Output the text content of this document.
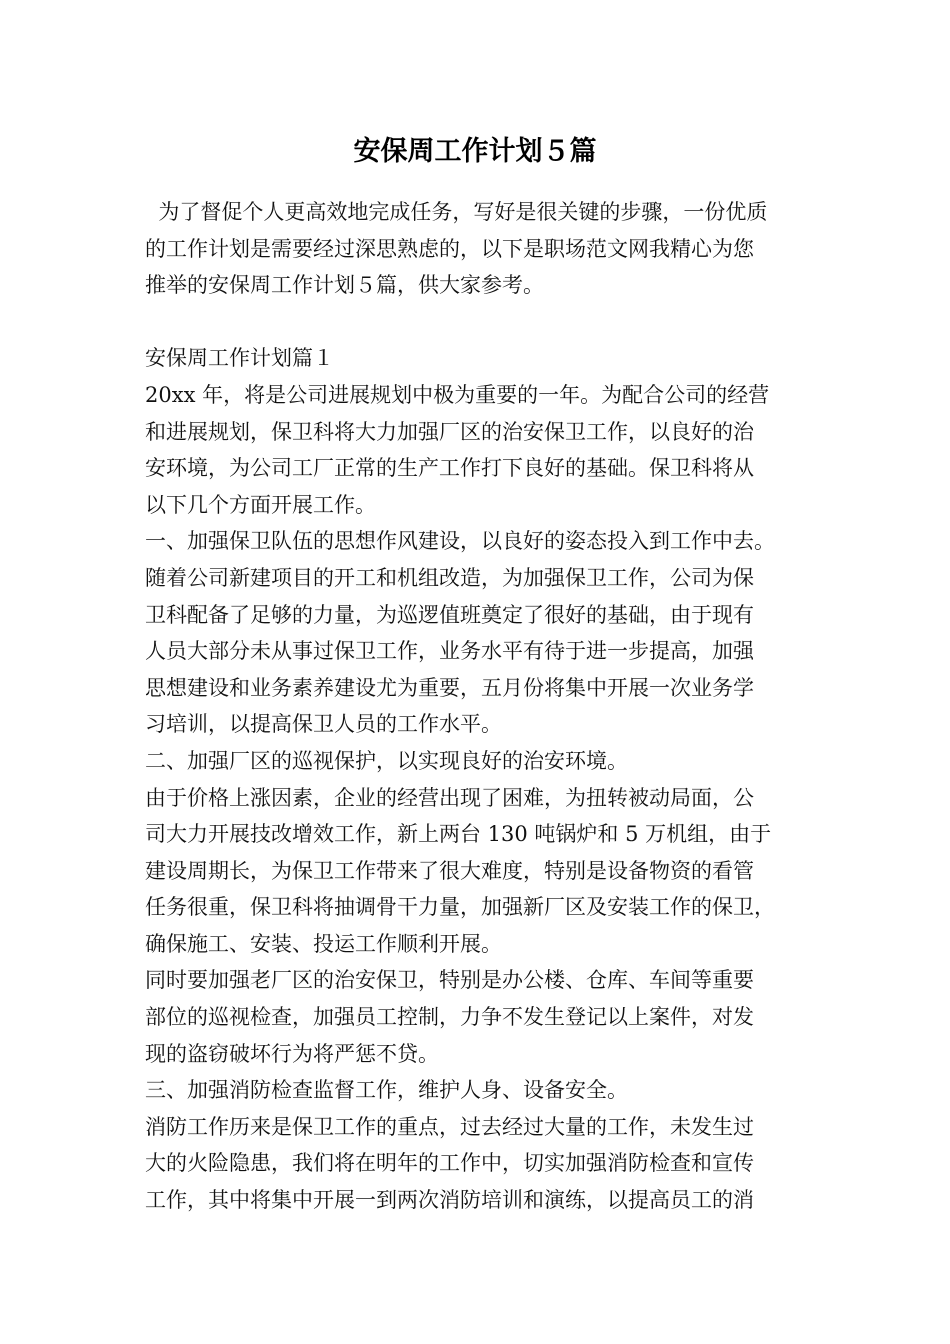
安保周工作计划５篇

为了督促个人更高效地完成任务，写好是很关键的步骤，一份优质

的工作计划是需要经过深思熟虑的，以下是职场范文网我精心为您

推举的安保周工作计划５篇，供大家参考。

安保周工作计划篇１

20xx 年，将是公司进展规划中极为重要的一年。为配合公司的经营

和进展规划，保卫科将大力加强厂区的治安保卫工作，以良好的治

安环境，为公司工厂正常的生产工作打下良好的基础。保卫科将从

以下几个方面开展工作。

一、加强保卫队伍的思想作风建设，以良好的姿态投入到工作中去。

随着公司新建项目的开工和机组改造，为加强保卫工作，公司为保

卫科配备了足够的力量，为巡逻值班奠定了很好的基础，由于现有

人员大部分未从事过保卫工作，业务水平有待于进一步提高，加强

思想建设和业务素养建设尤为重要，五月份将集中开展一次业务学

习培训，以提高保卫人员的工作水平。

二、加强厂区的巡视保护，以实现良好的治安环境。

由于价格上涨因素，企业的经营出现了困难，为扭转被动局面，公

司大力开展技改增效工作，新上两台 130 吨锅炉和 5 万机组，由于

建设周期长，为保卫工作带来了很大难度，特别是设备物资的看管

任务很重，保卫科将抽调骨干力量，加强新厂区及安装工作的保卫，

确保施工、安装、投运工作顺利开展。

同时要加强老厂区的治安保卫，特别是办公楼、仓库、车间等重要

部位的巡视检查，加强员工控制，力争不发生登记以上案件，对发

现的盗窃破坏行为将严惩不贷。

三、加强消防检查监督工作，维护人身、设备安全。

消防工作历来是保卫工作的重点，过去经过大量的工作，未发生过

大的火险隐患，我们将在明年的工作中，切实加强消防检查和宣传

工作，其中将集中开展一到两次消防培训和演练，以提高员工的消
